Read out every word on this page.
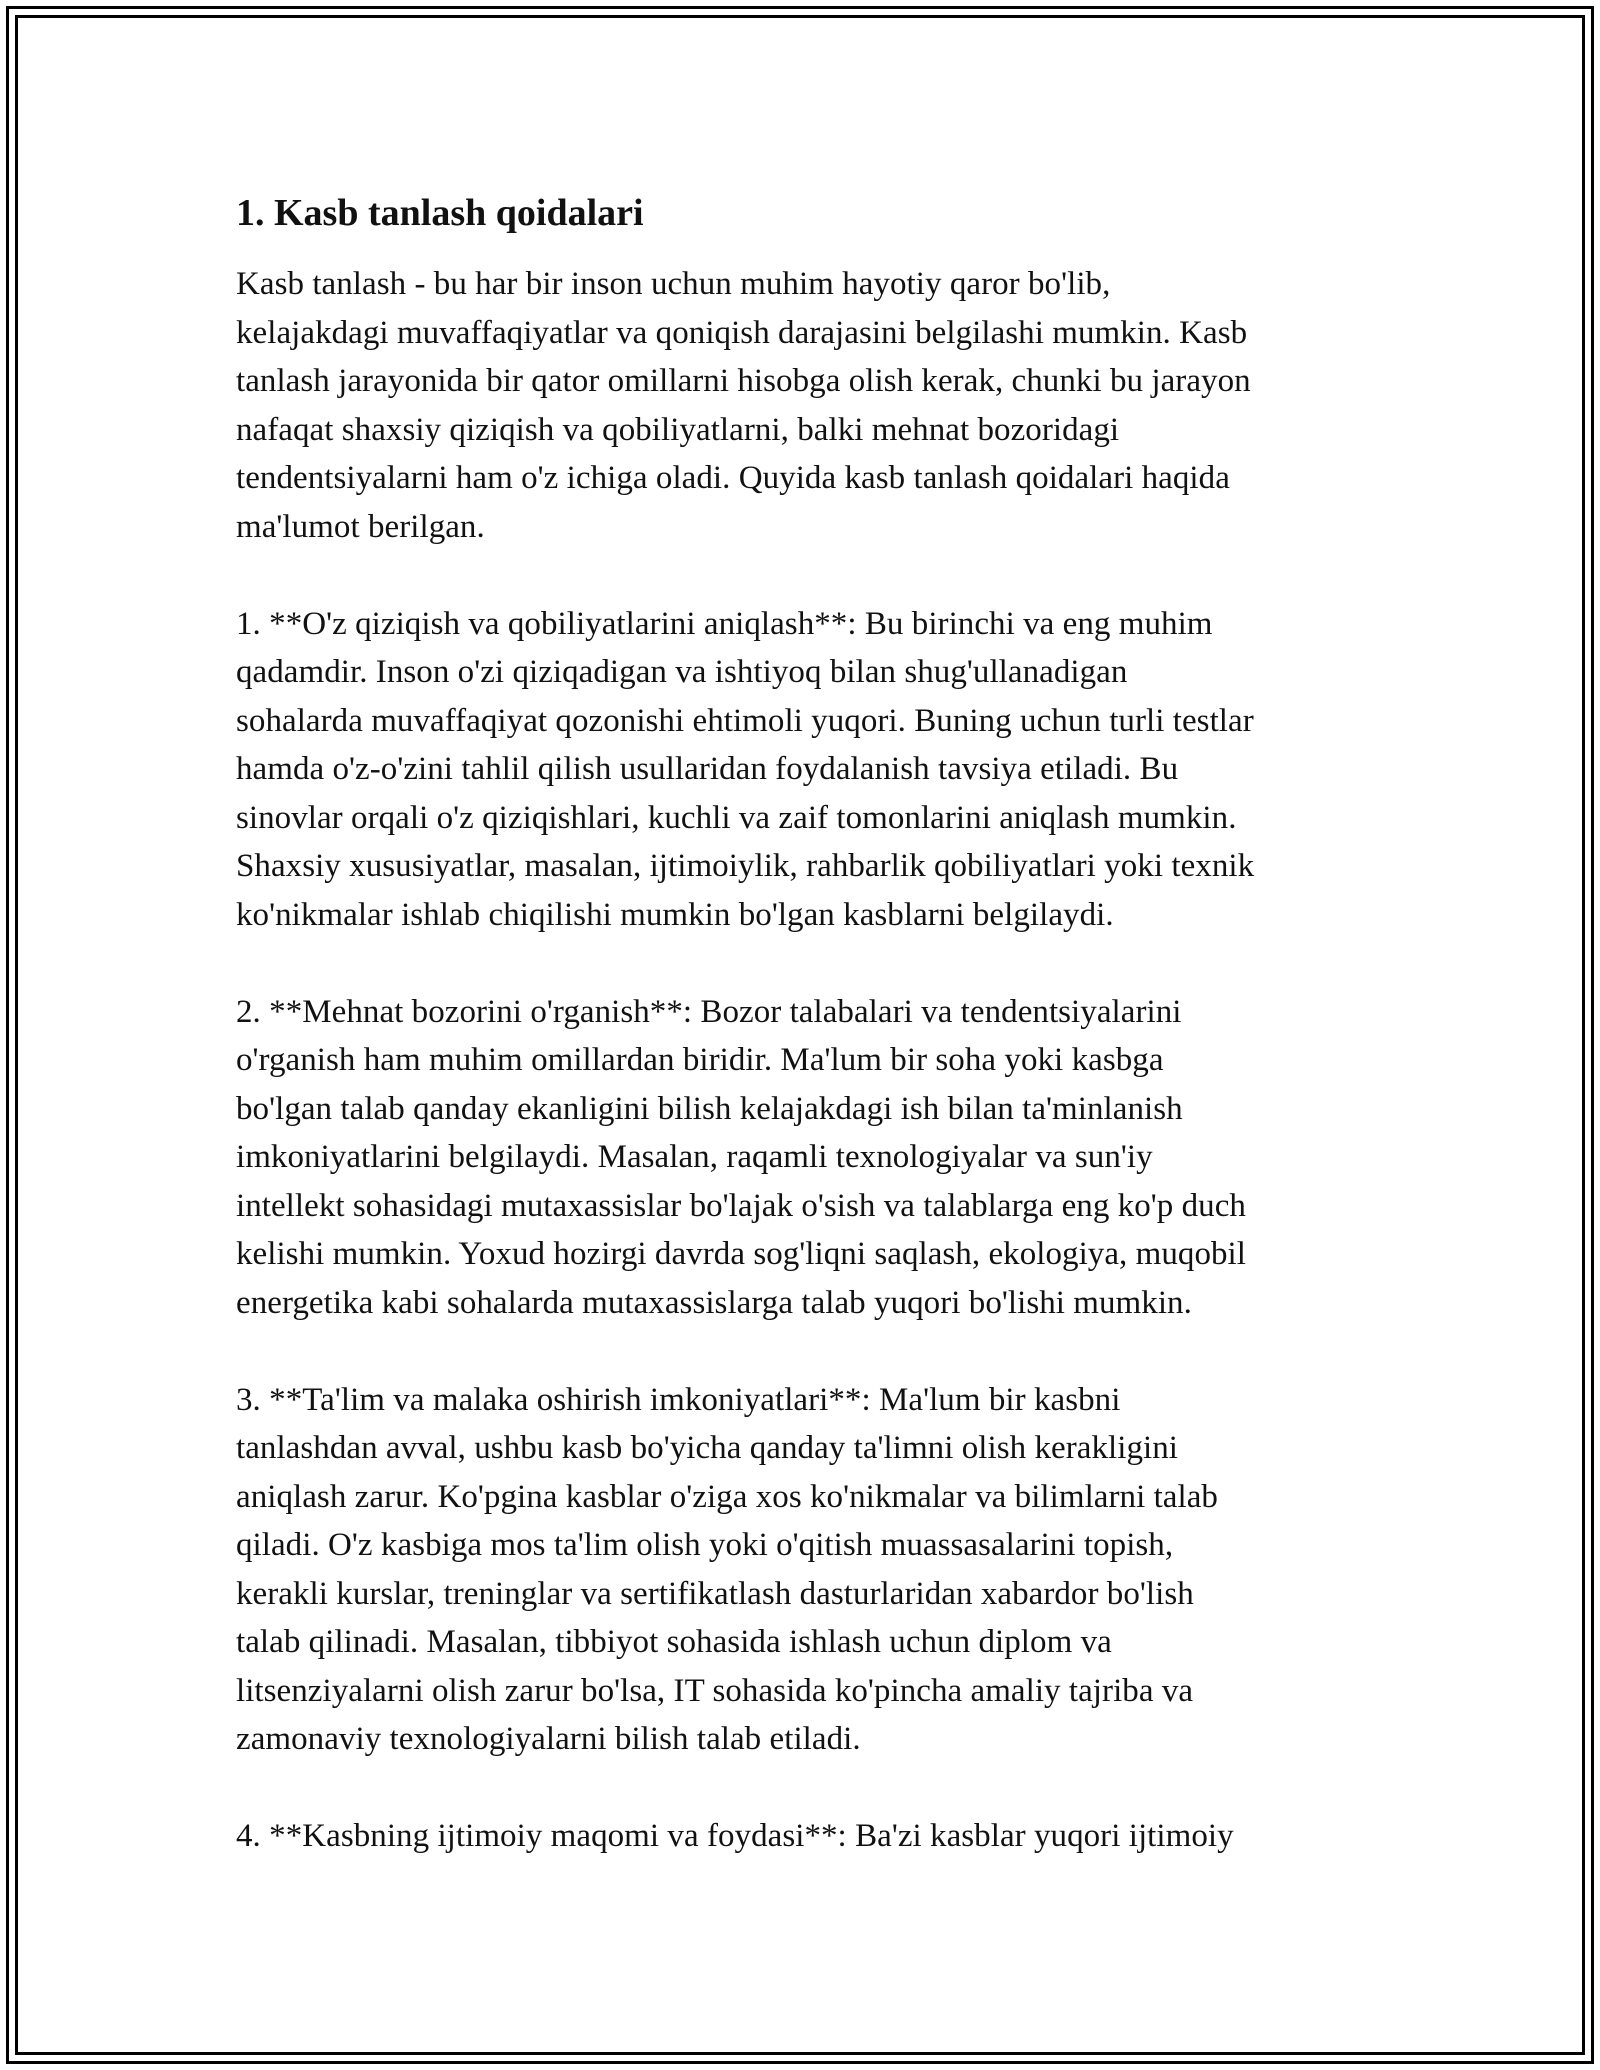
1. Kasb tanlash qoidalari

Kasb tanlash - bu har bir inson uchun muhim hayotiy qaror bo'lib,
kelajakdagi muvaffaqiyatlar va qoniqish darajasini belgilashi mumkin. Kasb
tanlash jarayonida bir qator omillarni hisobga olish kerak, chunki bu jarayon
nafaqat shaxsiy qiziqish va qobiliyatlarni, balki mehnat bozoridagi
tendentsiyalarni ham o'z ichiga oladi. Quyida kasb tanlash qoidalari haqida
ma'lumot berilgan.

1. **O'z qiziqish va qobiliyatlarini aniqlash**: Bu birinchi va eng muhim
qadamdir. Inson o'zi qiziqadigan va ishtiyoq bilan shug'ullanadigan
sohalarda muvaffaqiyat qozonishi ehtimoli yuqori. Buning uchun turli testlar
hamda o'z-o'zini tahlil qilish usullaridan foydalanish tavsiya etiladi. Bu
sinovlar orqali o'z qiziqishlari, kuchli va zaif tomonlarini aniqlash mumkin.
Shaxsiy xususiyatlar, masalan, ijtimoiylik, rahbarlik qobiliyatlari yoki texnik
ko'nikmalar ishlab chiqilishi mumkin bo'lgan kasblarni belgilaydi.

2. **Mehnat bozorini o'rganish**: Bozor talabalari va tendentsiyalarini
o'rganish ham muhim omillardan biridir. Ma'lum bir soha yoki kasbga
bo'lgan talab qanday ekanligini bilish kelajakdagi ish bilan ta'minlanish
imkoniyatlarini belgilaydi. Masalan, raqamli texnologiyalar va sun'iy
intellekt sohasidagi mutaxassislar bo'lajak o'sish va talablarga eng ko'p duch
kelishi mumkin. Yoxud hozirgi davrda sog'liqni saqlash, ekologiya, muqobil
energetika kabi sohalarda mutaxassislarga talab yuqori bo'lishi mumkin.

3. **Ta'lim va malaka oshirish imkoniyatlari**: Ma'lum bir kasbni
tanlashdan avval, ushbu kasb bo'yicha qanday ta'limni olish kerakligini
aniqlash zarur. Ko'pgina kasblar o'ziga xos ko'nikmalar va bilimlarni talab
qiladi. O'z kasbiga mos ta'lim olish yoki o'qitish muassasalarini topish,
kerakli kurslar, treninglar va sertifikatlash dasturlaridan xabardor bo'lish
talab qilinadi. Masalan, tibbiyot sohasida ishlash uchun diplom va
litsenziyalarni olish zarur bo'lsa, IT sohasida ko'pincha amaliy tajriba va
zamonaviy texnologiyalarni bilish talab etiladi.

4. **Kasbning ijtimoiy maqomi va foydasi**: Ba'zi kasblar yuqori ijtimoiy
